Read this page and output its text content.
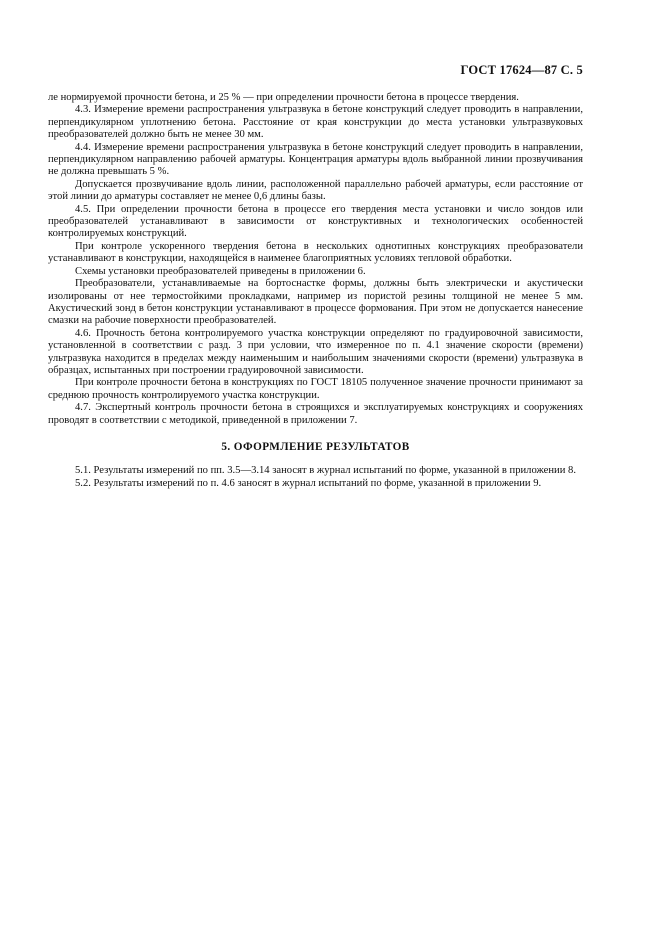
ГОСТ 17624—87 С. 5

ле нормируемой прочности бетона, и 25 % — при определении прочности бетона в процессе твердения.

4.3. Измерение времени распространения ультразвука в бетоне конструкций следует проводить в направлении, перпендикулярном уплотнению бетона. Расстояние от края конструкции до места установки ультразвуковых преобразователей должно быть не менее 30 мм.

4.4. Измерение времени распространения ультразвука в бетоне конструкций следует проводить в направлении, перпендикулярном направлению рабочей арматуры. Концентрация арматуры вдоль выбранной линии прозвучивания не должна превышать 5 %.

Допускается прозвучивание вдоль линии, расположенной параллельно рабочей арматуры, если расстояние от этой линии до арматуры составляет не менее 0,6 длины базы.

4.5. При определении прочности бетона в процессе его твердения места установки и число зондов или преобразователей устанавливают в зависимости от конструктивных и технологических особенностей контролируемых конструкций.

При контроле ускоренного твердения бетона в нескольких однотипных конструкциях преобразователи устанавливают в конструкции, находящейся в наименее благоприятных условиях тепловой обработки.

Схемы установки преобразователей приведены в приложении 6.

Преобразователи, устанавливаемые на бортоснастке формы, должны быть электрически и акустически изолированы от нее термостойкими прокладками, например из пористой резины толщиной не менее 5 мм. Акустический зонд в бетон конструкции устанавливают в процессе формования. При этом не допускается нанесение смазки на рабочие поверхности преобразователей.

4.6. Прочность бетона контролируемого участка конструкции определяют по градуировочной зависимости, установленной в соответствии с разд. 3 при условии, что измеренное по п. 4.1 значение скорости (времени) ультразвука находится в пределах между наименьшим и наибольшим значениями скорости (времени) ультразвука в образцах, испытанных при построении градуировочной зависимости.

При контроле прочности бетона в конструкциях по ГОСТ 18105 полученное значение прочности принимают за среднюю прочность контролируемого участка конструкции.

4.7. Экспертный контроль прочности бетона в строящихся и эксплуатируемых конструкциях и сооружениях проводят в соответствии с методикой, приведенной в приложении 7.

5. ОФОРМЛЕНИЕ РЕЗУЛЬТАТОВ

5.1. Результаты измерений по пп. 3.5—3.14 заносят в журнал испытаний по форме, указанной в приложении 8.

5.2. Результаты измерений по п. 4.6 заносят в журнал испытаний по форме, указанной в приложении 9.
